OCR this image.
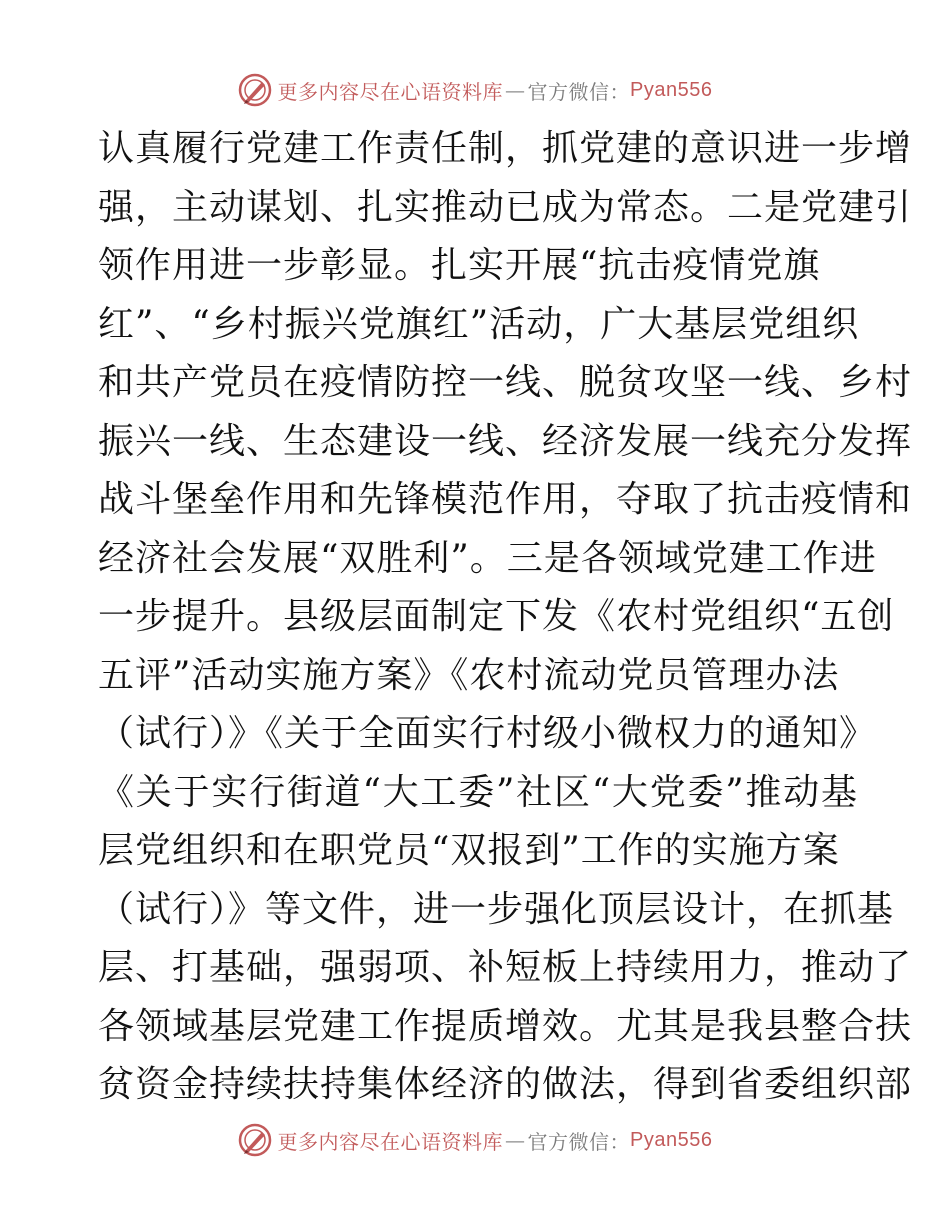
更多内容尽在心语资料库 — 官方微信： Pyan556
认真履行党建工作责任制，抓党建的意识进一步增
强，主动谋划、扎实推动已成为常态。二是党建引
领作用进一步彰显。扎实开展“抗击疫情党旗
红”、“乡村振兴党旗红”活动，广大基层党组织
和共产党员在疫情防控一线、脱贫攻坚一线、乡村
振兴一线、生态建设一线、经济发展一线充分发挥
战斗堡垒作用和先锋模范作用，夺取了抗击疫情和
经济社会发展“双胜利”。三是各领域党建工作进
一步提升。县级层面制定下发《农村党组织“五创
五评”活动实施方案》《农村流动党员管理办法
（试行）》《关于全面实行村级小微权力的通知》
《关于实行街道“大工委”社区“大党委”推动基
层党组织和在职党员“双报到”工作的实施方案
（试行）》等文件，进一步强化顶层设计，在抓基
层、打基础，强弱项、补短板上持续用力，推动了
各领域基层党建工作提质增效。尤其是我县整合扶
贫资金持续扶持集体经济的做法，得到省委组织部
更多内容尽在心语资料库 — 官方微信： Pyan556
